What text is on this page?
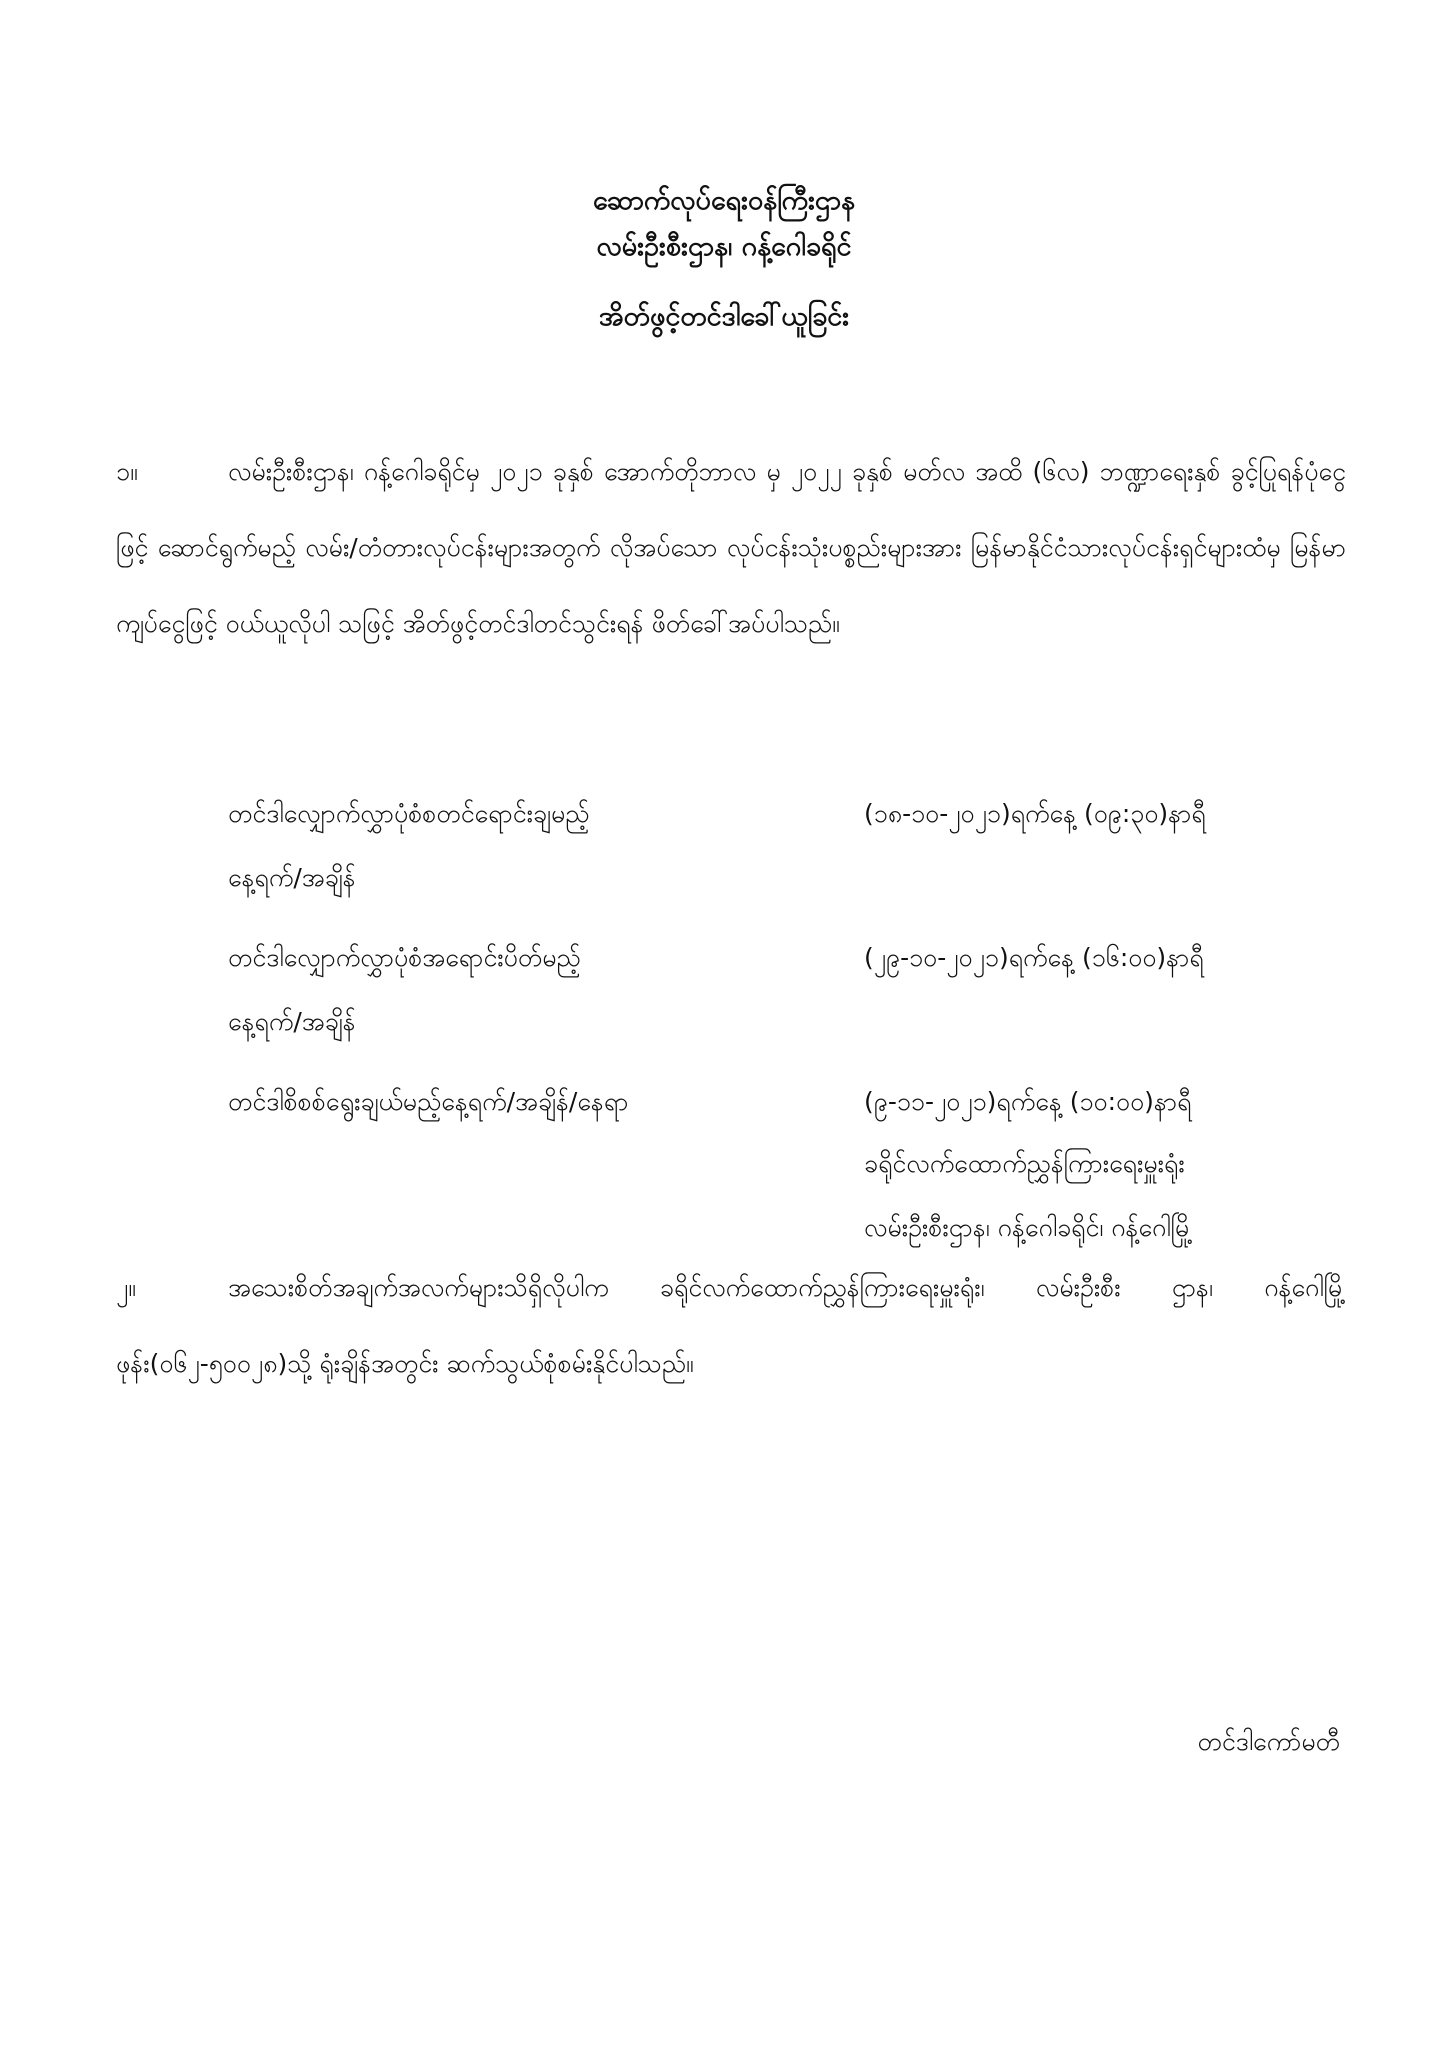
ဆောက်လုပ်ရေးဝန်ကြီးဌာန
လမ်းဦးစီးဌာန၊ ဂန့်ဂေါခရိုင်
အိတ်ဖွင့်တင်ဒါခေါ်ယူခြင်း
၁။	လမ်းဦးစီးဌာန၊ ဂန့်ဂေါခရိုင်မှ ၂၀၂၁ ခုနှစ် အောက်တိုဘာလ မှ ၂၀၂၂ ခုနှစ် မတ်လ အထိ (၆လ) ဘဏ္ဍာရေးနှစ် ခွင့်ပြုရန်ပုံငွေဖြင့် ဆောင်ရွက်မည့် လမ်း/တံတားလုပ်ငန်းများအတွက် လိုအပ်သော လုပ်ငန်းသုံးပစ္စည်းများအား မြန်မာနိုင်ငံသားလုပ်ငန်းရှင်များထံမှ မြန်မာကျပ်ငွေဖြင့် ဝယ်ယူလိုပါ သဖြင့် အိတ်ဖွင့်တင်ဒါတင်သွင်းရန် ဖိတ်ခေါ်အပ်ပါသည်။
တင်ဒါလျှောက်လွှာပုံစံစတင်ရောင်းချမည့်	(၁၈-၁၀-၂၀၂၁)ရက်နေ့ (၀၉:၃၀)နာရီ
နေ့ရက်/အချိန်
တင်ဒါလျှောက်လွှာပုံစံအရောင်းပိတ်မည့်	(၂၉-၁၀-၂၀၂၁)ရက်နေ့ (၁၆:၀၀)နာရီ
နေ့ရက်/အချိန်
တင်ဒါစိစစ်ရွေးချယ်မည့်နေ့ရက်/အချိန်/နေရာ	(၉-၁၁-၂၀၂၁)ရက်နေ့ (၁၀:၀၀)နာရီ
ခရိုင်လက်ထောက်ညွှန်ကြားရေးမှူးရုံး
လမ်းဦးစီးဌာန၊ ဂန့်ဂေါခရိုင်၊ ဂန့်ဂေါမြို့
၂။	အသေးစိတ်အချက်အလက်များသိရှိလိုပါက ခရိုင်လက်ထောက်ညွှန်ကြားရေးမှူးရုံး၊ လမ်းဦးစီး ဌာန၊ ဂန့်ဂေါမြို့ ဖုန်း(၀၆၂-၅၀၀၂၈)သို့ ရုံးချိန်အတွင်း ဆက်သွယ်စုံစမ်းနိုင်ပါသည်။
တင်ဒါကော်မတီ
